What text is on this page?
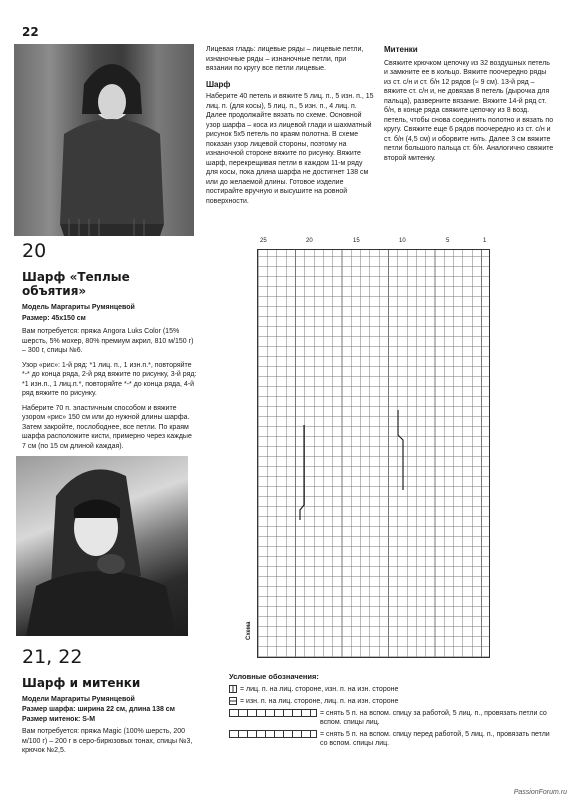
22
Лицевая гладь: лицевые ряды – лицевые петли, изнаночные ряды – изнаночные петли, при вязании по кругу все петли лицевые.
Шарф
Наберите 40 петель и вяжите 5 лиц. п., 5 изн. п., 15 лиц. п. (для косы), 5 лиц. п., 5 изн. п., 4 лиц. п. Далее продолжайте вязать по схеме. Основной узор шарфа – коса из лицевой глади и шахматный рисунок 5х5 петель по краям полотна. В схеме показан узор лицевой стороны, поэтому на изнаночной стороне вяжите по рисунку. Вяжите шарф, перекрещивая петли в каждом 11-м ряду для косы, пока длина шарфа не достигнет 138 см или до желаемой длины. Готовое изделие постирайте вручную и высушите на ровной поверхности.
Митенки
Свяжите крючком цепочку из 32 воздушных петель и замкните ее в кольцо. Вяжите поочередно ряды из ст. с/н и ст. б/н 12 рядов (≈ 9 см). 13-й ряд – вяжите ст. с/н и, не довязав 8 петель (дырочка для пальца), разверните вязание. Вяжите 14-й ряд ст. б/н, в конце ряда свяжите цепочку из 8 возд. петель, чтобы снова соединить полотно и вязать по кругу. Свяжите еще 6 рядов поочередно из ст. с/н и ст. б/н (4,5 см) и оборвите нить. Далее 3 см вяжите петли большого пальца ст. б/н. Аналогично свяжите второй митенку.
20
Шарф «Теплые объятия»
Модель Маргариты Румянцевой
Размер: 45х150 см
Вам потребуется: пряжа Angora Luks Color (15% шерсть, 5% мохер, 80% премиум акрил, 810 м/150 г) – 300 г, спицы №6.
Узор «рис»: 1-й ряд: *1 лиц. п., 1 изн.п.*, повторяйте *-* до конца ряда, 2-й ряд вяжите по рисунку, 3-й ряд: *1 изн.п., 1 лиц.п.*, повторяйте *-* до конца ряда, 4-й ряд вяжите по рисунку.
Наберите 70 п. эластичным способом и вяжите узором «рис» 150 см или до нужной длины шарфа. Затем закройте, послободнее, все петли. По краям шарфа расположите кисти, примерно через каждые 7 см (по 15 см длиной каждая).
21, 22
Шарф и митенки
Модели Маргариты Румянцевой
Размер шарфа: ширина 22 см, длина 138 см
Размер митенок: S-M
Вам потребуется: пряжа Magic (100% шерсть, 200 м/100 г) – 200 г в серо-бирюзовых тонах, спицы №3, крючок №2,5.
25	20	15	10	5	1
Схема
Условные обозначения:
= лиц. п. на лиц. стороне, изн. п. на изн. стороне
= изн. п. на лиц. стороне, лиц. п. на изн. стороне
= снять 5 п. на вспом. спицу за работой, 5 лиц. п., провязать петли со вспом. спицы лиц.
= снять 5 п. на вспом. спицу перед работой, 5 лиц. п., провязать петли со вспом. спицы лиц.
PassionForum.ru
